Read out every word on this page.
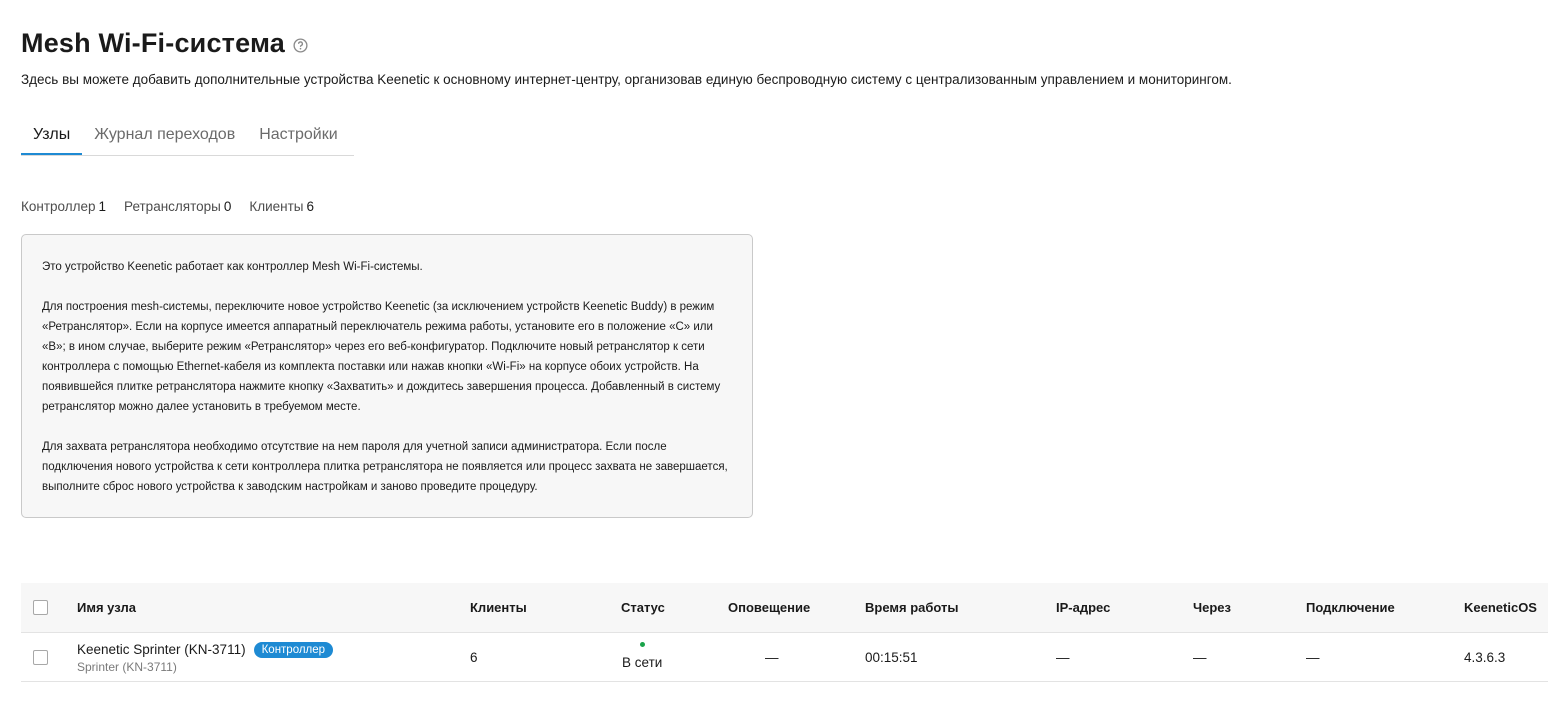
Mesh Wi-Fi-система
Здесь вы можете добавить дополнительные устройства Keenetic к основному интернет-центру, организовав единую беспроводную систему с централизованным управлением и мониторингом.
Узлы	Журнал переходов	Настройки
Контроллер 1 Ретрансляторы 0 Клиенты 6

Это устройство Keenetic работает как контроллер Mesh Wi-Fi-системы.

Для построения mesh-системы, переключите новое устройство Keenetic (за исключением устройств Keenetic Buddy) в режим «Ретранслятор». Если на корпусе имеется аппаратный переключатель режима работы, установите его в положение «C» или «B»; в ином случае, выберите режим «Ретранслятор» через его веб-конфигуратор. Подключите новый ретранслятор к сети контроллера с помощью Ethernet-кабеля из комплекта поставки или нажав кнопки «Wi-Fi» на корпусе обоих устройств. На появившейся плитке ретранслятора нажмите кнопку «Захватить» и дождитесь завершения процесса. Добавленный в систему ретранслятор можно далее установить в требуемом месте.

Для захвата ретранслятора необходимо отсутствие на нем пароля для учетной записи администратора. Если после подключения нового устройства к сети контроллера плитка ретранслятора не появляется или процесс захвата не завершается, выполните сброс нового устройства к заводским настройкам и заново проведите процедуру.

Имя узла	Клиенты	Статус	Оповещение	Время работы	IP-адрес	Через	Подключение	KeeneticOS
Keenetic Sprinter (KN-3711) Контроллер
Sprinter (KN-3711)
6	В сети	—	00:15:51	—	—	—	4.3.6.3
